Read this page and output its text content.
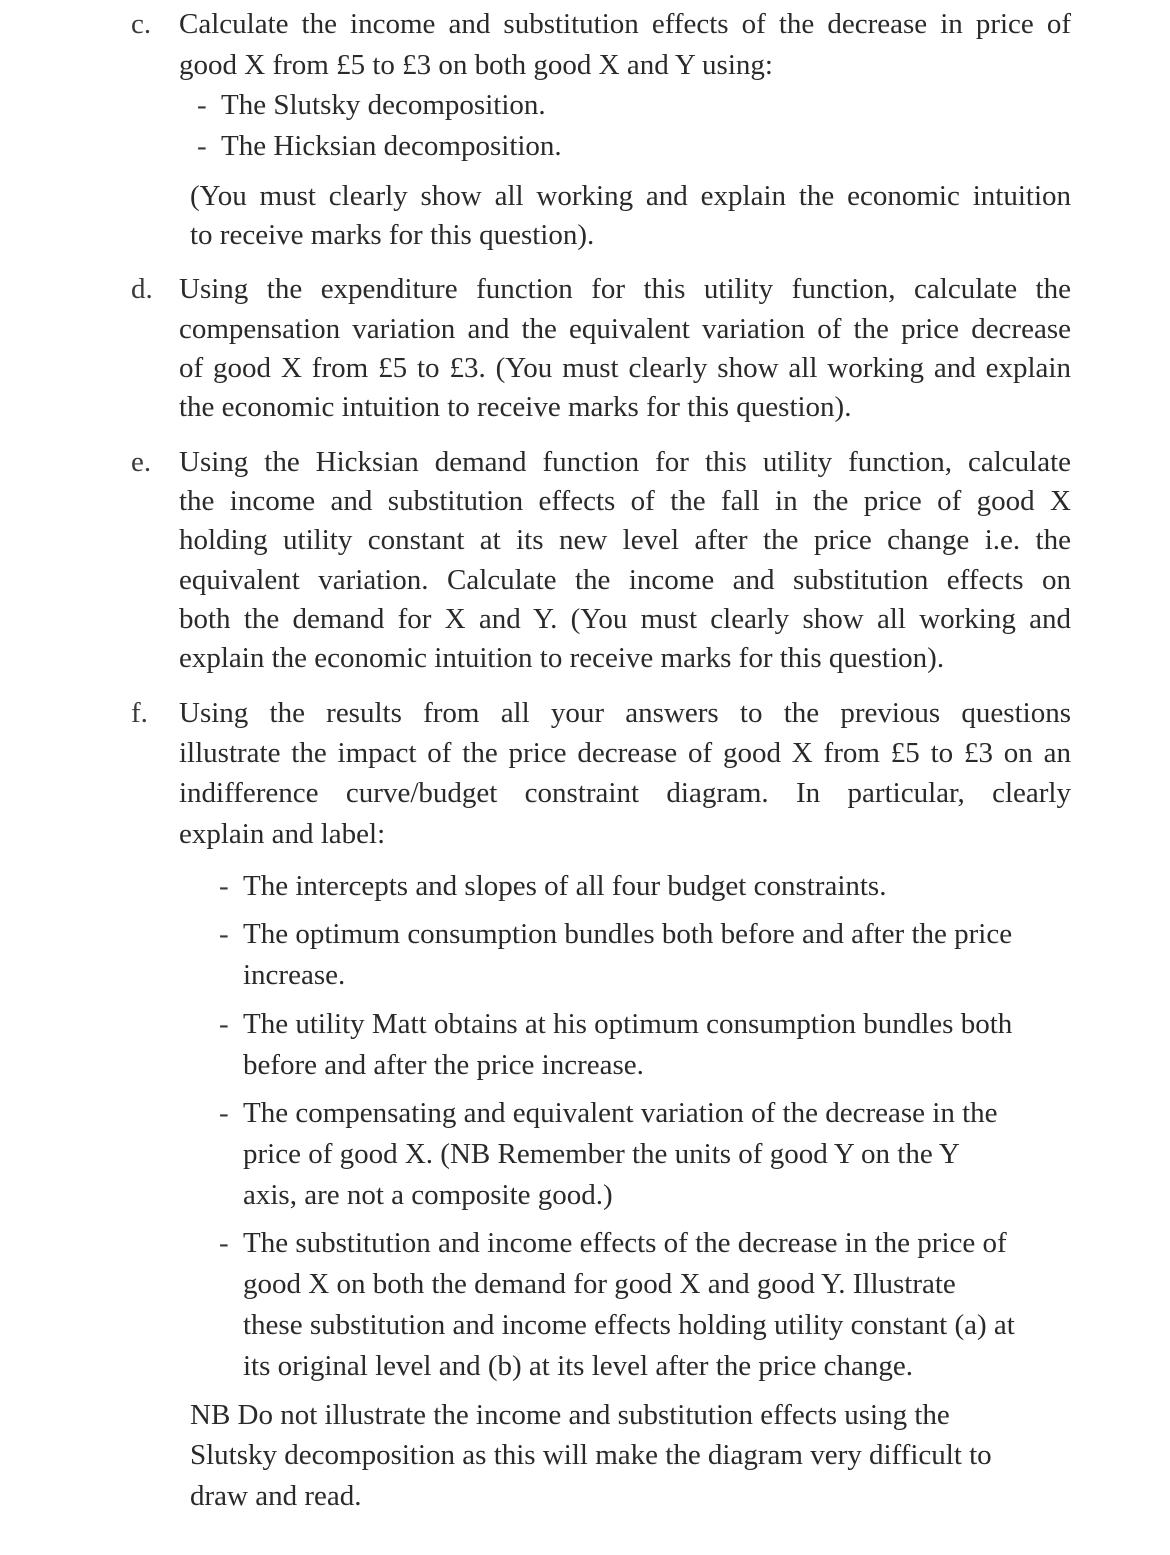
c. Calculate the income and substitution effects of the decrease in price of
good X from £5 to £3 on both good X and Y using:
- The Slutsky decomposition.
- The Hicksian decomposition.
(You must clearly show all working and explain the economic intuition
to receive marks for this question).
d. Using the expenditure function for this utility function, calculate the
compensation variation and the equivalent variation of the price decrease
of good X from £5 to £3. (You must clearly show all working and explain
the economic intuition to receive marks for this question).
e. Using the Hicksian demand function for this utility function, calculate
the income and substitution effects of the fall in the price of good X
holding utility constant at its new level after the price change i.e. the
equivalent variation. Calculate the income and substitution effects on
both the demand for X and Y. (You must clearly show all working and
explain the economic intuition to receive marks for this question).
f. Using the results from all your answers to the previous questions
illustrate the impact of the price decrease of good X from £5 to £3 on an
indifference curve/budget constraint diagram. In particular, clearly
explain and label:
- The intercepts and slopes of all four budget constraints.
- The optimum consumption bundles both before and after the price
increase.
- The utility Matt obtains at his optimum consumption bundles both
before and after the price increase.
- The compensating and equivalent variation of the decrease in the
price of good X. (NB Remember the units of good Y on the Y
axis, are not a composite good.)
- The substitution and income effects of the decrease in the price of
good X on both the demand for good X and good Y. Illustrate
these substitution and income effects holding utility constant (a) at
its original level and (b) at its level after the price change.
NB Do not illustrate the income and substitution effects using the
Slutsky decomposition as this will make the diagram very difficult to
draw and read.
